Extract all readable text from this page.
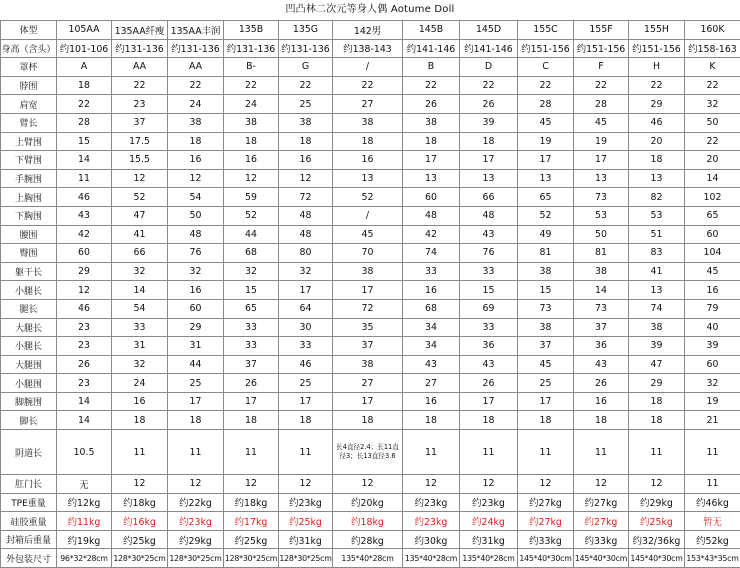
凹凸林二次元等身人偶 Aotume Doll
体型	105AA	135AA纤瘦	135AA丰润	135B	135G	142男	145B	145D	155C	155F	155H	160K
身高（含头）	约101-106	约131-136	约131-136	约131-136	约131-136	约138-143	约141-146	约141-146	约151-156	约151-156	约151-156	约158-163
罩杯	A	AA	AA	B-	G	/	B	D	C	F	H	K
脖围	18	22	22	22	22	22	22	22	22	22	22	22
肩宽	22	23	24	24	25	27	26	26	28	28	29	32
臂长	28	37	38	38	38	38	38	39	45	45	46	50
上臂围	15	17.5	18	18	18	18	18	18	19	19	20	22
下臂围	14	15.5	16	16	16	16	17	17	17	17	18	20
手腕围	11	12	12	12	12	13	13	13	13	13	13	14
上胸围	46	52	54	59	72	52	60	66	65	73	82	102
下胸围	43	47	50	52	48	/	48	48	52	53	53	65
腰围	42	41	48	44	48	45	42	43	49	50	51	60
臀围	60	66	76	68	80	70	74	76	81	81	83	104
躯干长	29	32	32	32	32	38	33	33	38	38	41	45
小腿长	12	14	16	15	17	17	16	15	15	14	13	16
腿长	46	54	60	65	64	72	68	69	73	73	74	79
大腿长	23	33	29	33	30	35	34	33	38	37	38	40
小腿长	23	31	31	33	33	37	34	36	37	36	39	39
大腿围	26	32	44	37	46	38	43	43	45	43	47	60
小腿围	23	24	25	26	25	27	27	26	25	26	29	32
脚腕围	14	16	17	17	17	17	16	17	17	16	18	19
脚长	14	18	18	18	18	18	18	18	18	18	18	21
阴道长	10.5	11	11	11	11	长4直径2.4；长11直径3；长13直径3.6	11	11	11	11	11	11
肛门长	无	12	12	12	12	12	12	12	12	12	12	11
TPE重量	约12kg	约18kg	约22kg	约18kg	约23kg	约20kg	约23kg	约23kg	约27kg	约27kg	约29kg	约46kg
硅胶重量	约11kg	约16kg	约23kg	约17kg	约25kg	约18kg	约23kg	约24kg	约27kg	约27kg	约25kg	暂无
封箱后重量	约19kg	约25kg	约29kg	约25kg	约31kg	约28kg	约30kg	约31kg	约33kg	约33kg	约32/36kg	约52kg
外包装尺寸	96*32*28cm	128*30*25cm	128*30*25cm	128*30*25cm	128*30*25cm	135*40*28cm	135*40*28cm	135*40*28cm	145*40*30cm	145*40*30cm	145*40*30cm	153*43*35cm
